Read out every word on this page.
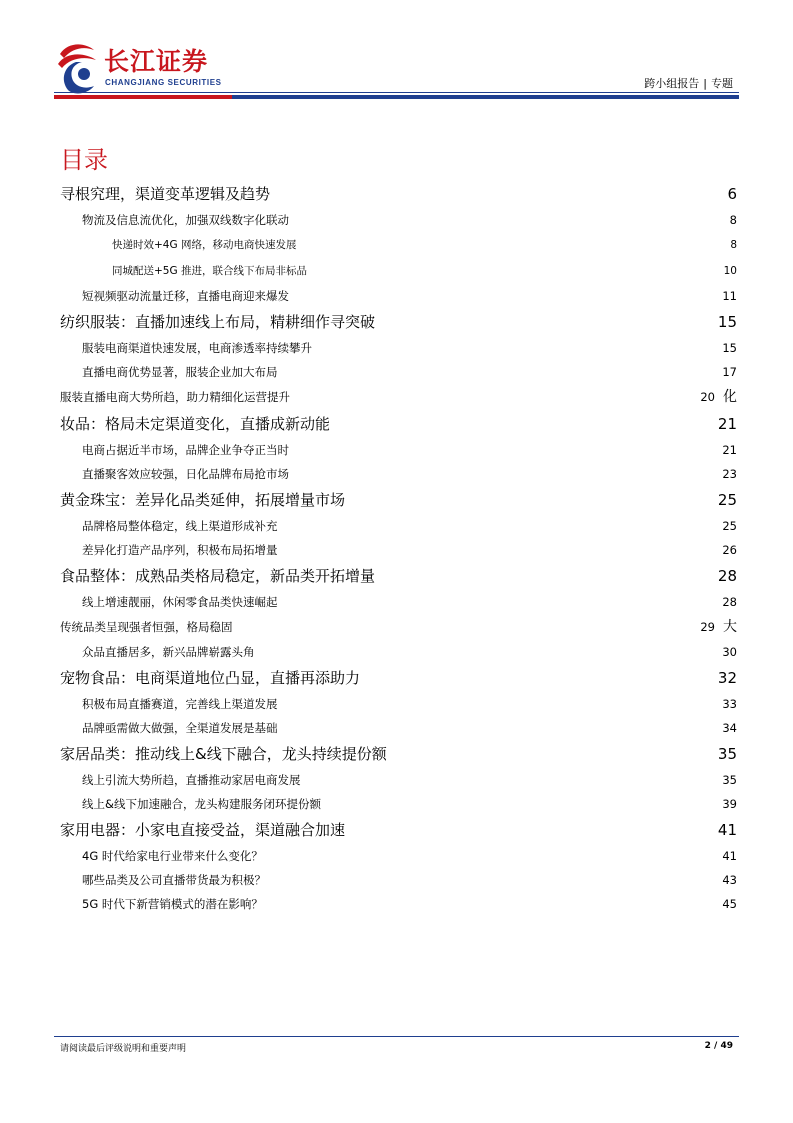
长江证券
CHANGJIANG SECURITIES	跨小组报告 | 专题
目录
寻根究理，渠道变革逻辑及趋势	6
物流及信息流优化，加强双线数字化联动	8
快递时效+4G 网络，移动电商快速发展	8
同城配送+5G 推进，联合线下布局非标品	10
短视频驱动流量迁移，直播电商迎来爆发	11
纺织服装：直播加速线上布局，精耕细作寻突破	15
服装电商渠道快速发展，电商渗透率持续攀升	15
直播电商优势显著，服装企业加大布局	17
服装直播电商大势所趋，助力精细化运营提升	20 化
妆品：格局未定渠道变化，直播成新动能	21
电商占据近半市场，品牌企业争夺正当时	21
直播聚客效应较强，日化品牌布局抢市场	23
黄金珠宝：差异化品类延伸，拓展增量市场	25
品牌格局整体稳定，线上渠道形成补充	25
差异化打造产品序列，积极布局拓增量	26
食品整体：成熟品类格局稳定，新品类开拓增量	28
线上增速靓丽，休闲零食品类快速崛起	28
传统品类呈现强者恒强，格局稳固	29 大
众品直播居多，新兴品牌崭露头角	30
宠物食品：电商渠道地位凸显，直播再添助力	32
积极布局直播赛道，完善线上渠道发展	33
品牌亟需做大做强，全渠道发展是基础	34
家居品类：推动线上&线下融合，龙头持续提份额	35
线上引流大势所趋，直播推动家居电商发展	35
线上&线下加速融合，龙头构建服务闭环提份额	39
家用电器：小家电直接受益，渠道融合加速	41
4G 时代给家电行业带来什么变化？	41
哪些品类及公司直播带货最为积极？	43
5G 时代下新营销模式的潜在影响？	45
请阅读最后评级说明和重要声明	2 / 49
